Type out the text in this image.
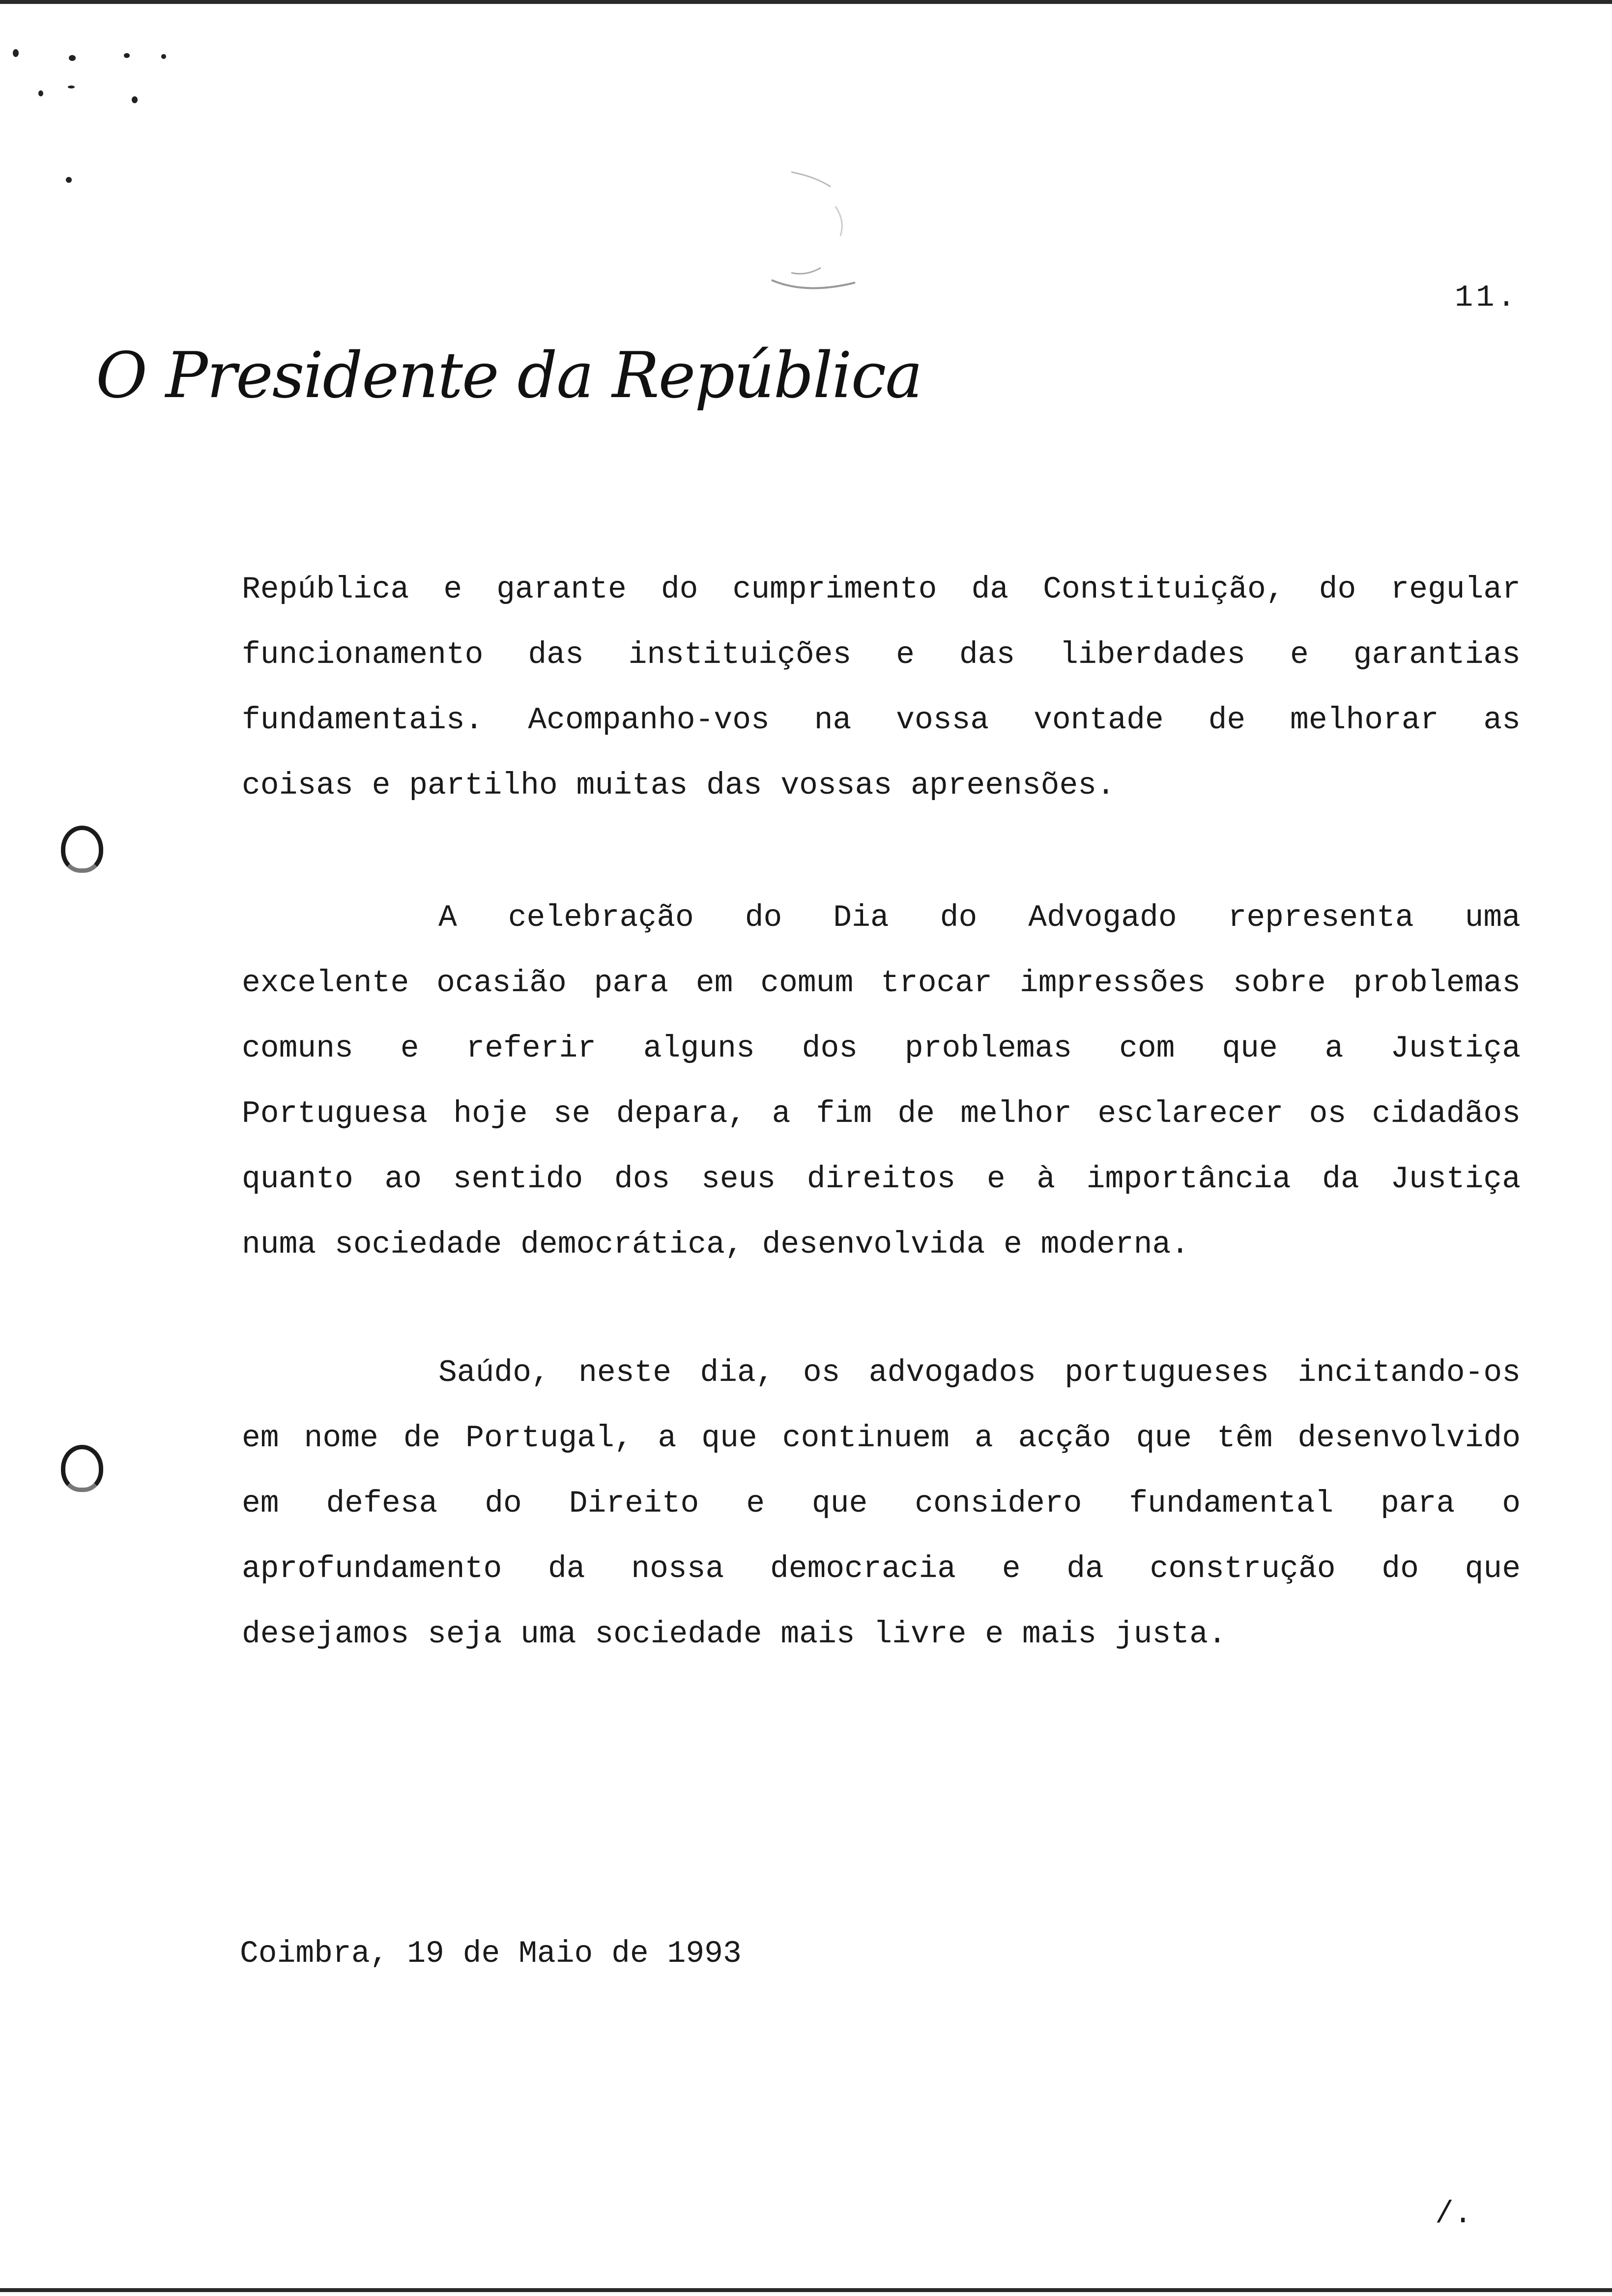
11.
O Presidente da República
República e garante do cumprimento da Constituição, do regular
funcionamento das instituições e das liberdades e garantias
fundamentais. Acompanho-vos na vossa vontade de melhorar as
coisas e partilho muitas das vossas apreensões.
A celebração do Dia do Advogado representa uma
excelente ocasião para em comum trocar impressões sobre problemas
comuns e referir alguns dos problemas com que a Justiça
Portuguesa hoje se depara, a fim de melhor esclarecer os cidadãos
quanto ao sentido dos seus direitos e à importância da Justiça
numa sociedade democrática, desenvolvida e moderna.
Saúdo, neste dia, os advogados portugueses incitando-os
em nome de Portugal, a que continuem a acção que têm desenvolvido
em defesa do Direito e que considero fundamental para o
aprofundamento da nossa democracia e da construção do que
desejamos seja uma sociedade mais livre e mais justa.
Coimbra, 19 de Maio de 1993
/.
